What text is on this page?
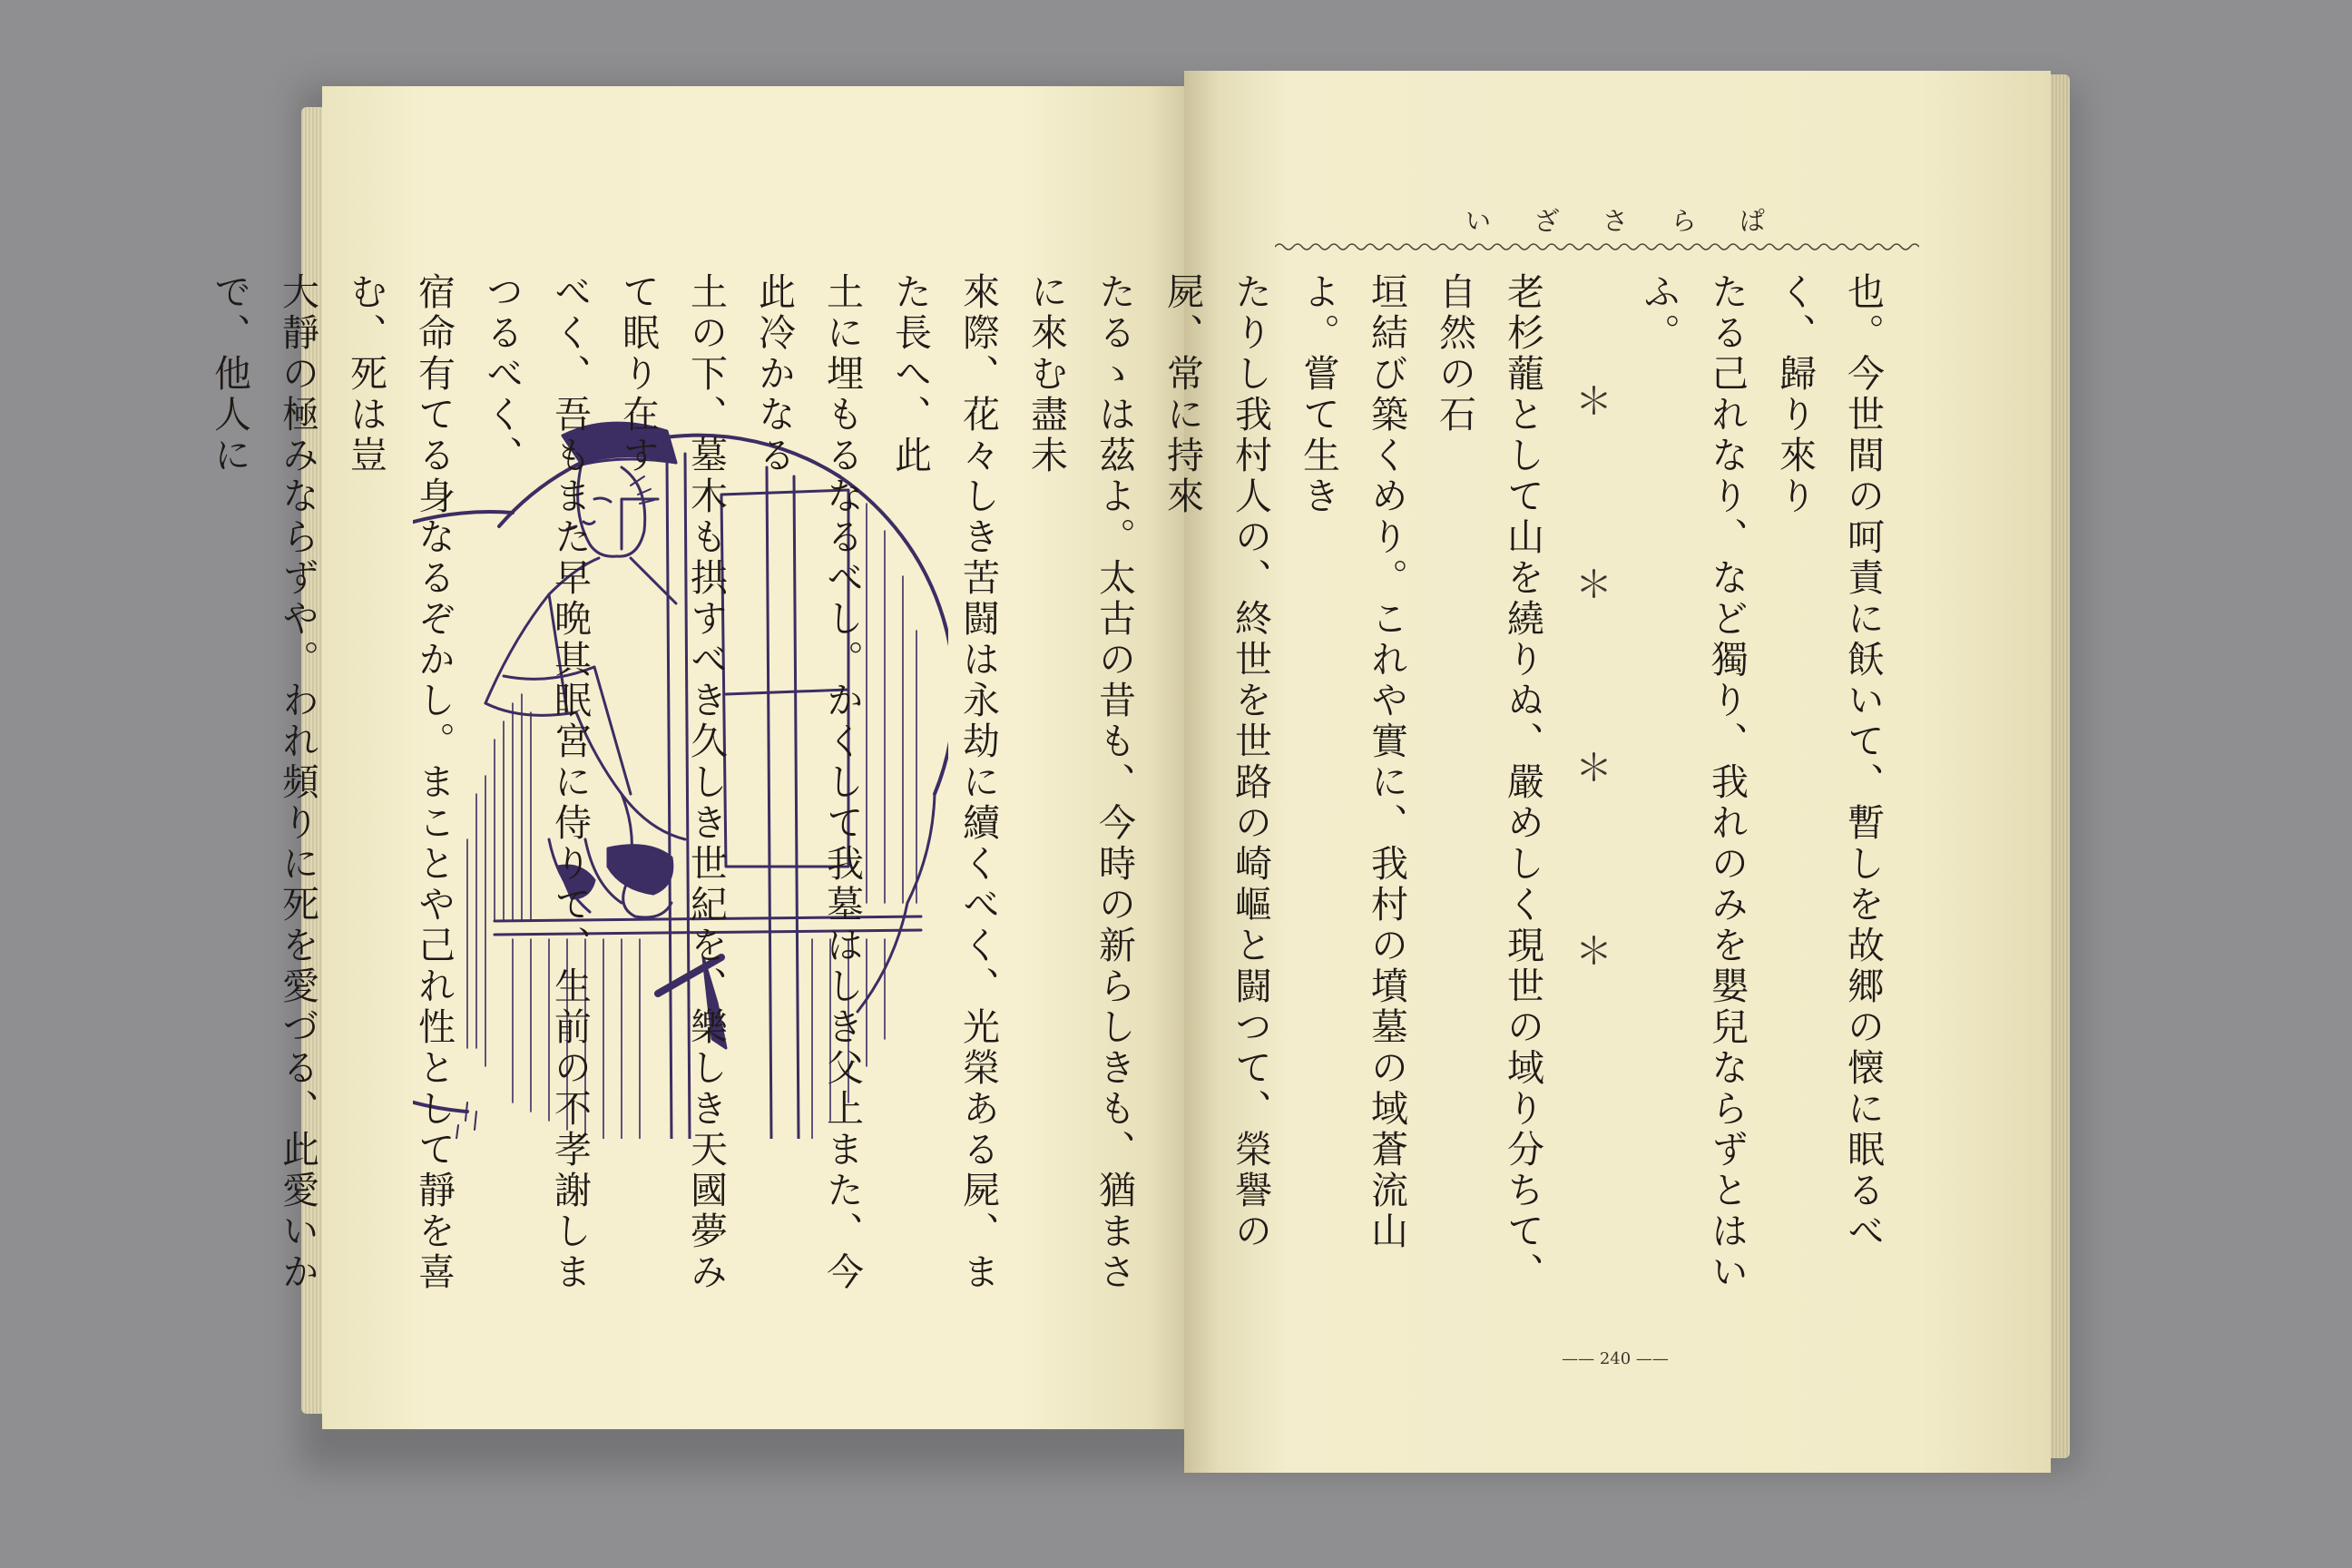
い ざ さ ら ぱ

也。今世間の呵責に飫いて、暫しを故郷の懐に眠るべく、歸り來り

たる己れなり、など獨り、我れのみを嬰兒ならずとはいふ。

＊　＊　＊　＊

老杉蘢として山を繞りぬ、嚴めしく現世の域り分ちて、自然の石

垣結び築くめり。これや實に、我村の墳墓の域蒼流山よ。嘗て生き

たりし我村人の、終世を世路の崎嶇と闘つて、榮譽の屍、常に持來

たるゝは茲よ。太古の昔も、今時の新らしきも、猶まさに來む盡未

來際、花々しき苦闘は永劫に續くべく、光榮ある屍、また長へ、此

土に埋もるなるべし。かくして我墓はしき父上また、今此冷かなる

土の下、墓木も拱すべき久しき世紀を、樂しき天國夢みて眠り在す

べく、吾もまた早晩其眠宮に侍りて、生前の不孝謝しまつるべく、

宿命有てる身なるぞかし。まことや己れ性として靜を喜む、死は豈

大靜の極みならずや。われ頻りに死を愛づる、此愛いかで、他人に

—— 240 ——
